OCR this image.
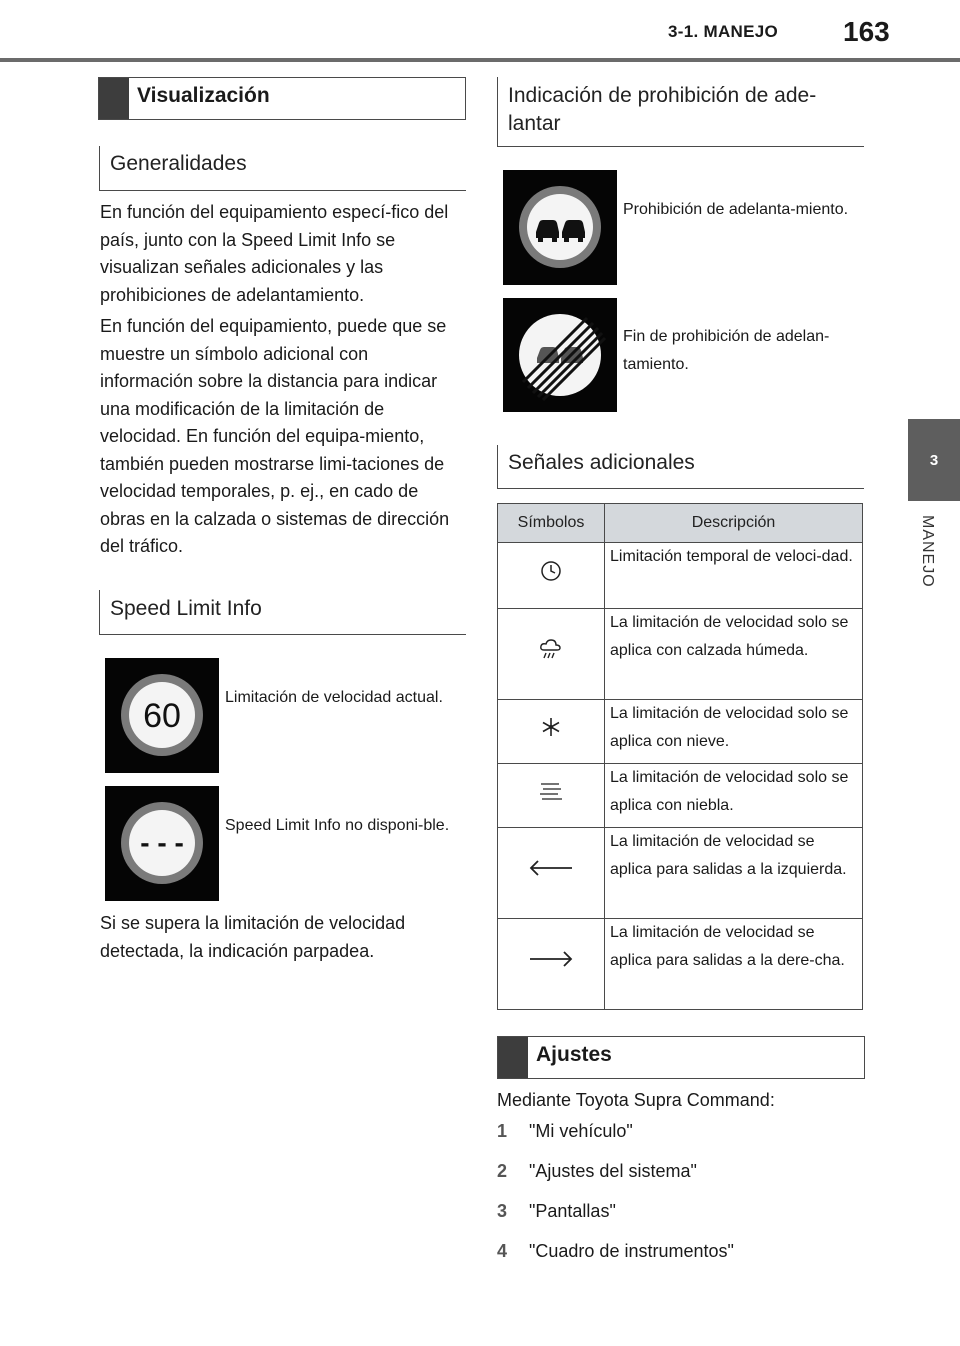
3-1. MANEJO 163
3
MANEJO
Visualización
Generalidades

En función del equipamiento especí-fico del país, junto con la Speed Limit Info se visualizan señales adicionales y las prohibiciones de adelantamiento.

En función del equipamiento, puede que se muestre un símbolo adicional con información sobre la distancia para indicar una modificación de la limitación de velocidad. En función del equipa-miento, también pueden mostrarse limi-taciones de velocidad temporales, p. ej., en cado de obras en la calzada o sistemas de dirección del tráfico.

Speed Limit Info
60	Limitación de velocidad actual.
- - -
Speed Limit Info no disponi-ble.
Si se supera la limitación de velocidad detectada, la indicación parpadea.
Indicación de prohibición de ade-lantar
Prohibición de adelanta-miento.
Fin de prohibición de adelan-tamiento.
Señales adicionales
Símbolos	Descripción
	Limitación temporal de veloci-dad.
	La limitación de velocidad solo se aplica con calzada húmeda.
	La limitación de velocidad solo se aplica con nieve.
	La limitación de velocidad solo se aplica con niebla.
	La limitación de velocidad se aplica para salidas a la izquierda.
	La limitación de velocidad se aplica para salidas a la dere-cha.
Ajustes
Mediante Toyota Supra Command:
1 "Mi vehículo"
2 "Ajustes del sistema"
3 "Pantallas"
4 "Cuadro de instrumentos"
